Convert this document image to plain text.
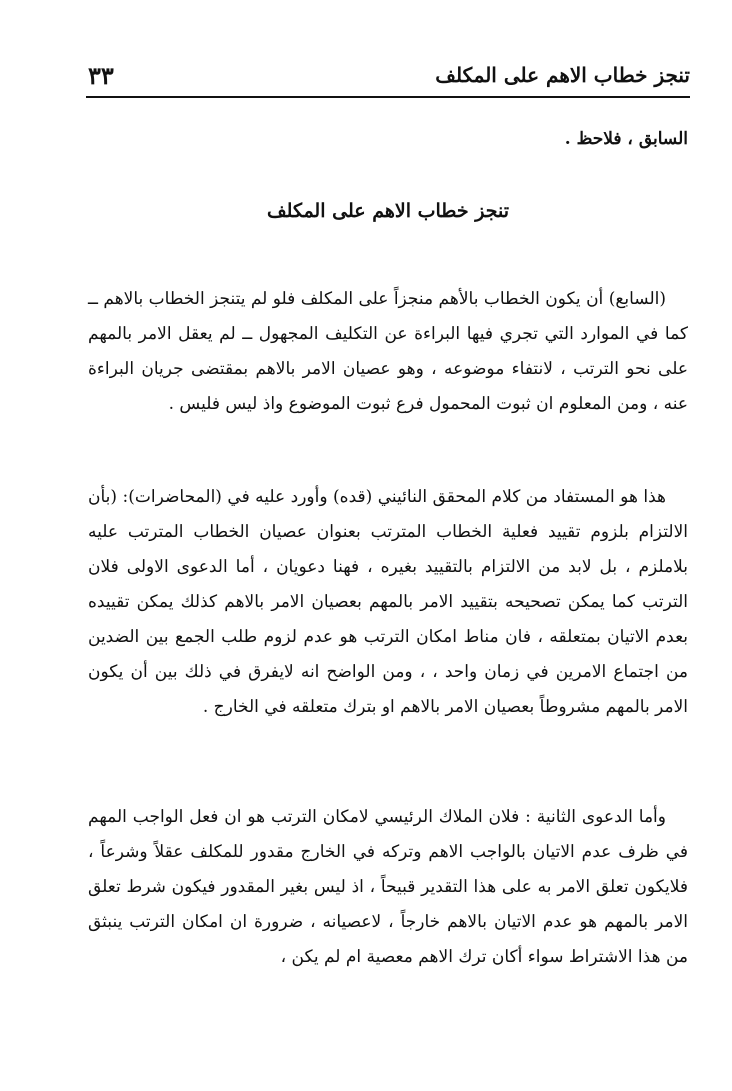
تنجز خطاب الاهم على المكلف
٣٣
السابق ، فلاحظ .
تنجز خطاب الاهم على المكلف

(السابع) أن يكون الخطاب بالأهم منجزاً على المكلف فلو لم يتنجز الخطاب بالاهم ــ كما في الموارد التي تجري فيها البراءة عن التكليف المجهول ــ لم يعقل الامر بالمهم على نحو الترتب ، لانتفاء موضوعه ، وهو عصيان الامر بالاهم بمقتضى جريان البراءة عنه ، ومن المعلوم ان ثبوت المحمول فرع ثبوت الموضوع واذ ليس فليس .

هذا هو المستفاد من كلام المحقق النائيني (قده) وأورد عليه في (المحاضرات): (بأن الالتزام بلزوم تقييد فعلية الخطاب المترتب بعنوان عصيان الخطاب المترتب عليه بلاملزم ، بل لابد من الالتزام بالتقييد بغيره ، فهنا دعويان ، أما الدعوى الاولى فلان الترتب كما يمكن تصحيحه بتقييد الامر بالمهم بعصيان الامر بالاهم كذلك يمكن تقييده بعدم الاتيان بمتعلقه ، فان مناط امكان الترتب هو عدم لزوم طلب الجمع بين الضدين من اجتماع الامرين في زمان واحد ، ، ومن الواضح انه لايفرق في ذلك بين أن يكون الامر بالمهم مشروطاً بعصيان الامر بالاهم او بترك متعلقه في الخارج .

وأما الدعوى الثانية : فلان الملاك الرئيسي لامكان الترتب هو ان فعل الواجب المهم في ظرف عدم الاتيان بالواجب الاهم وتركه في الخارج مقدور للمكلف عقلاً وشرعاً ، فلايكون تعلق الامر به على هذا التقدير قبيحاً ، اذ ليس بغير المقدور فيكون شرط تعلق الامر بالمهم هو عدم الاتيان بالاهم خارجاً ، لاعصيانه ، ضرورة ان امكان الترتب ينبثق من هذا الاشتراط سواء أكان ترك الاهم معصية ام لم يكن ،
